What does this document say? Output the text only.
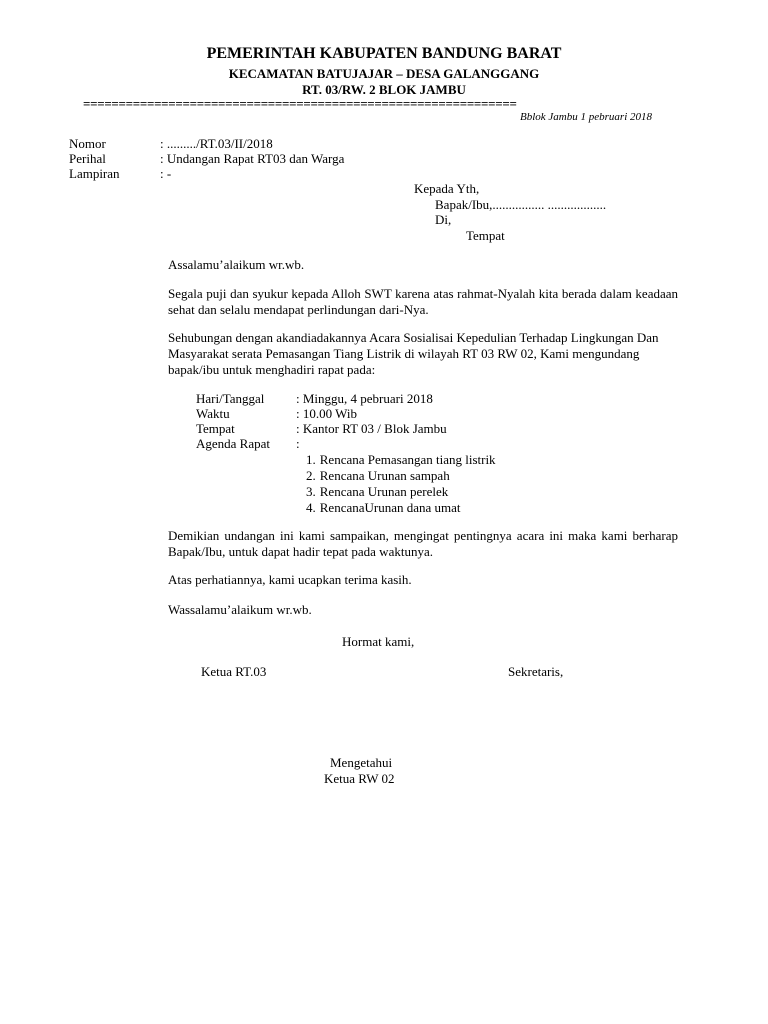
PEMERINTAH KABUPATEN BANDUNG BARAT
KECAMATAN BATUJAJAR – DESA GALANGGANG
RT. 03/RW. 2 BLOK JAMBU
=============================================================
Bblok Jambu 1 pebruari 2018
Nomor	: ........./RT.03/II/2018
Perihal	: Undangan Rapat RT03 dan Warga
Lampiran	: -
Kepada Yth,
Bapak/Ibu,................ ..................
Di,
Tempat
Assalamu’alaikum wr.wb.
Segala puji dan syukur kepada Alloh SWT karena atas rahmat-Nyalah kita berada dalam keadaan sehat dan selalu mendapat perlindungan dari-Nya.
Sehubungan dengan akandiadakannya Acara Sosialisai Kepedulian Terhadap Lingkungan Dan Masyarakat serata Pemasangan Tiang Listrik di wilayah RT 03 RW 02, Kami mengundang bapak/ibu untuk menghadiri rapat pada:
Hari/Tanggal : Minggu, 4 pebruari 2018
Waktu	: 10.00 Wib
Tempat	: Kantor RT 03 / Blok Jambu
Agenda Rapat :
1. Rencana Pemasangan tiang listrik
2. Rencana Urunan sampah
3. Rencana Urunan perelek
4. RencanaUrunan dana umat
Demikian undangan ini kami sampaikan, mengingat pentingnya acara ini maka kami berharap Bapak/Ibu, untuk dapat hadir tepat pada waktunya.
Atas perhatiannya, kami ucapkan terima kasih.
Wassalamu’alaikum wr.wb.
Hormat kami,
Ketua RT.03	Sekretaris,
Mengetahui
Ketua RW 02
